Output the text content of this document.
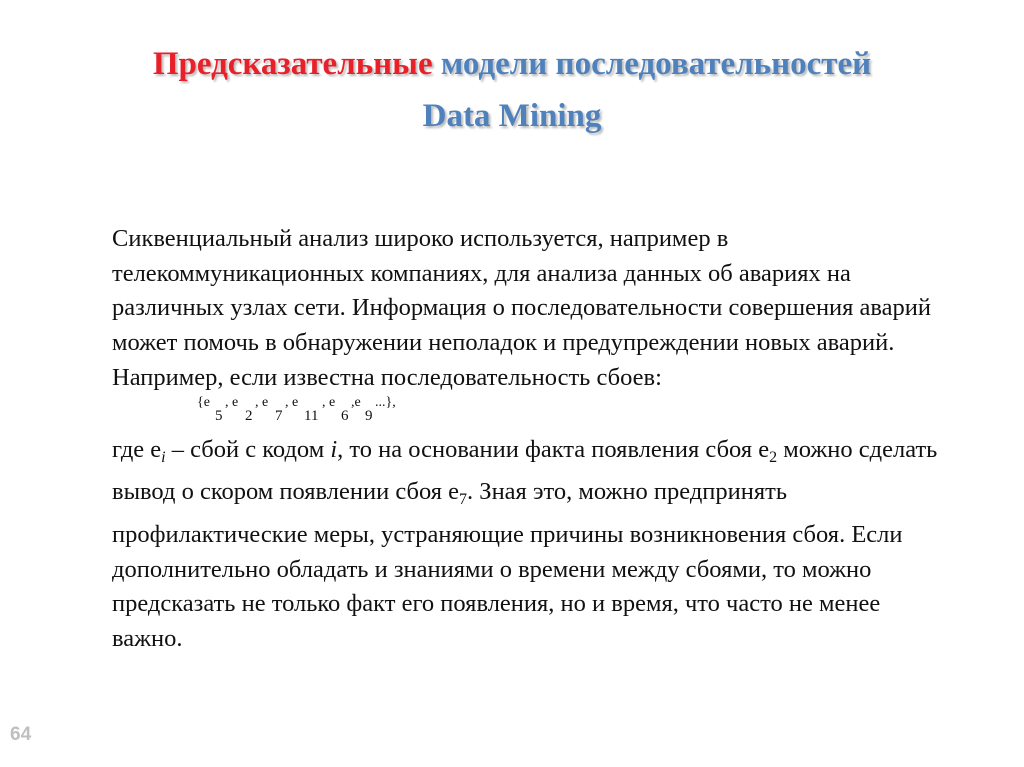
Предсказательные модели последовательностей
Data Mining

Сиквенциальный анализ широко используется, например в телекоммуникационных компаниях, для анализа данных об авариях на различных узлах сети. Информация о последовательности совершения аварий может помочь в обнаружении неполадок и предупреждении новых аварий. Например, если известна последовательность сбоев:

{e
5
, e
2
, e
7
, e
11
, e
6
,e
9
...},

где $e_i$ – сбой с кодом i, то на основании факта появления сбоя $e_2$ можно сделать вывод о скором появлении сбоя $e_7$. Зная это, можно предпринять профилактические меры, устраняющие причины возникновения сбоя. Если дополнительно обладать и знаниями о времени между сбоями, то можно предсказать не только факт его появления, но и время, что часто не менее важно.

64
